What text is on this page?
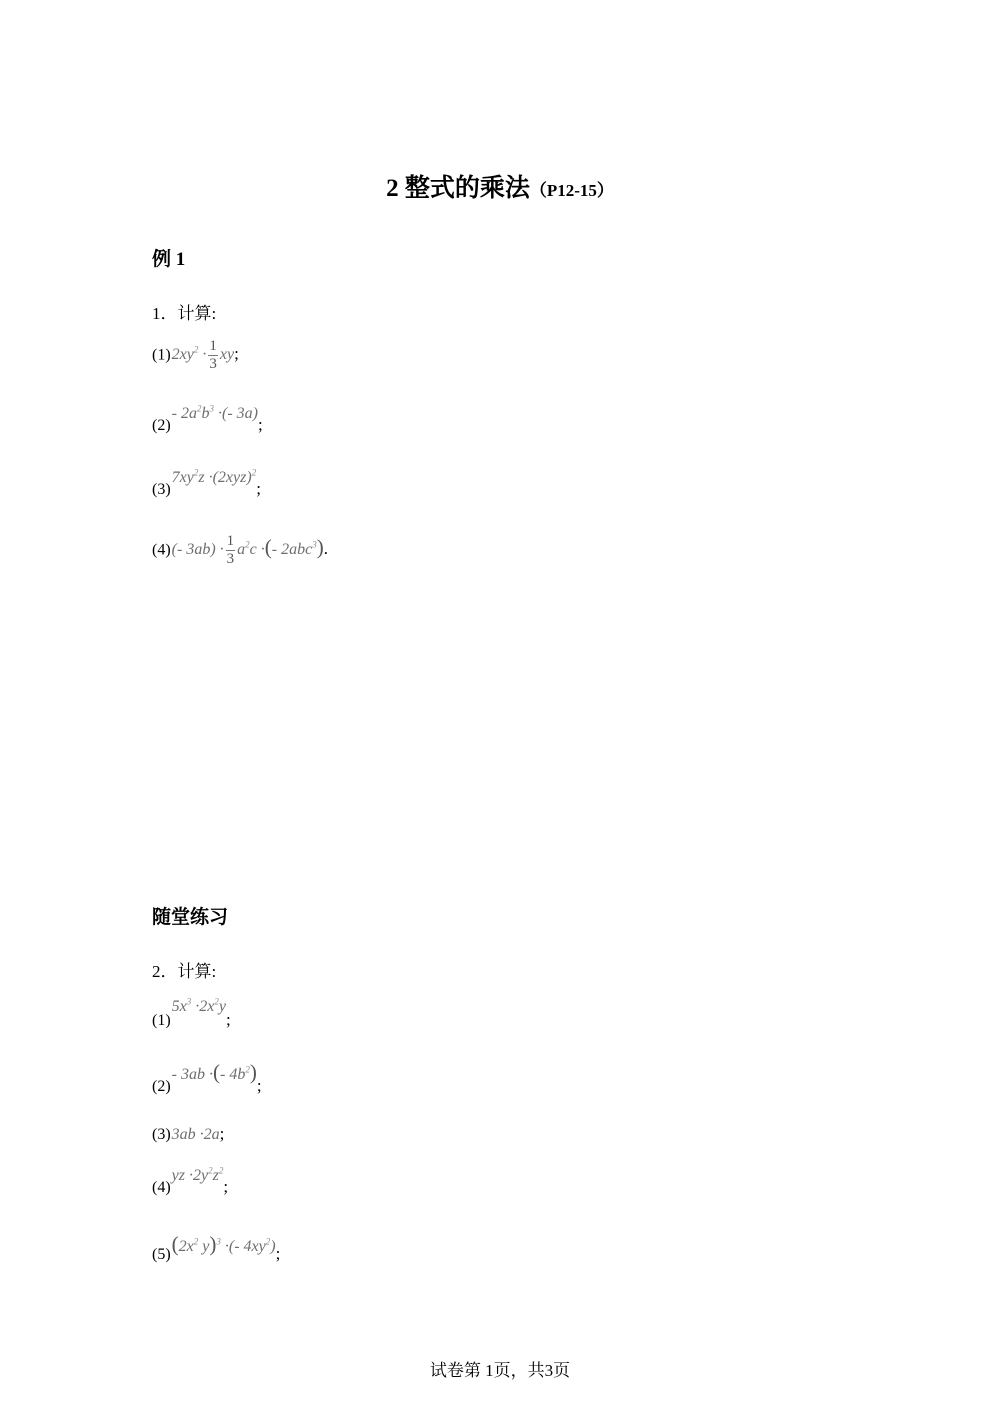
2 整式的乘法（P12-15）
例 1
1．计算:
$(1)2xy^2 \cdot \frac{1}{3}$ xy;
(2)- $2a^2b^3$ ·(- 3a);
$(3)7xy^2z \cdot(2xyz)^2$;
(4)(- $3ab) \cdot \frac{1}{3} a^2c$ ·(- 2abc$^3$).
随堂练习
2．计算:
$(1)5x^3 \cdot 2x^2y$;
(2)- 3ab ·(- $4b^2$);
(3)3ab ·2a;
$(4)yz \cdot 2y^2z^2$;
$(5)(2x^2$ y)$^3$ ·(- $4xy^2$);
试卷第 1页，共3页
